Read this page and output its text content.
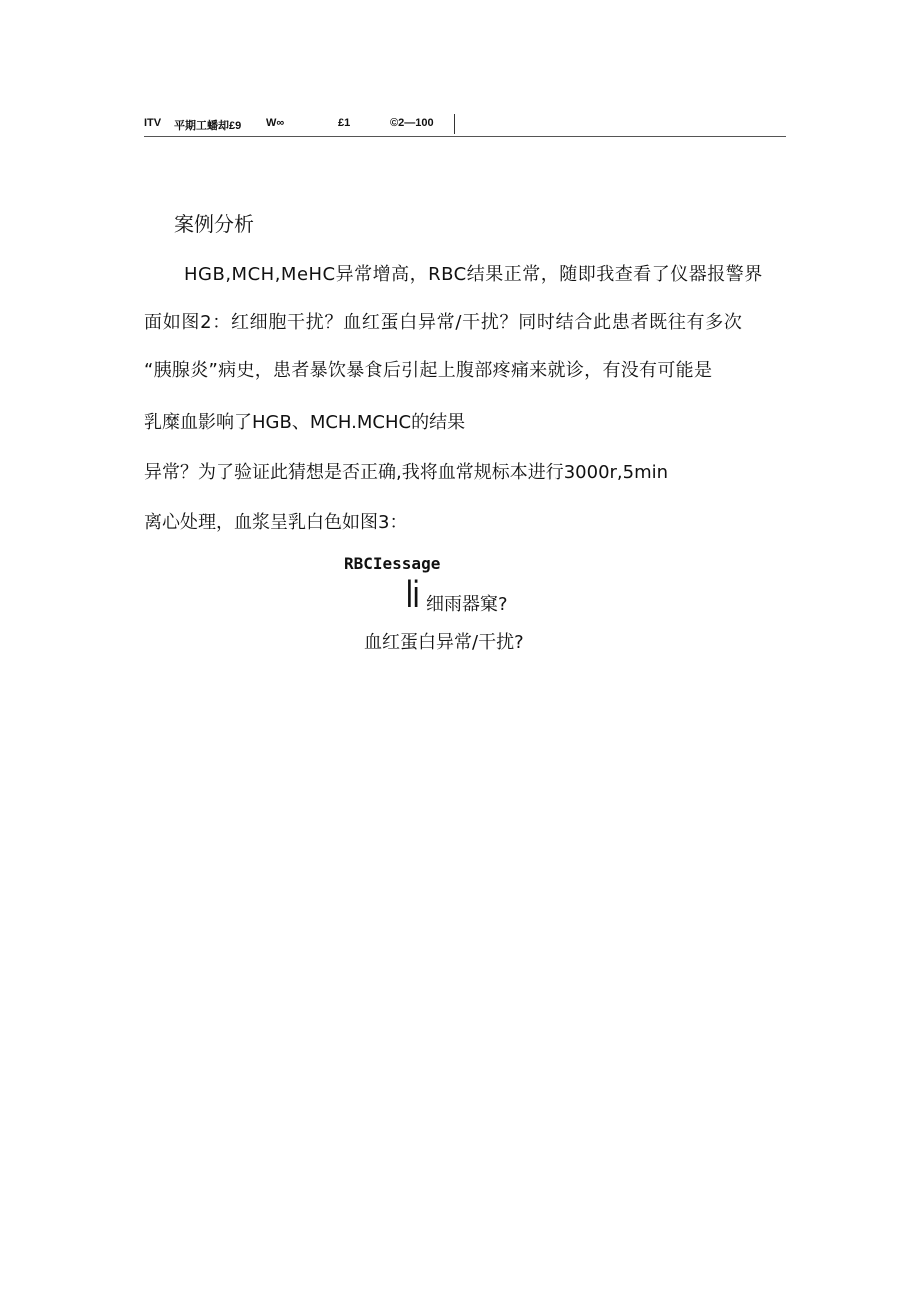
ITV 平期工蟠却£9 W∞	£1	©2—100
案例分析
HGB,MCH,MeHC异常增高，RBC结果正常，随即我查看了仪器报警界
面如图2：红细胞干扰？血红蛋白异常/干扰？同时结合此患者既往有多次
“胰腺炎”病史，患者暴饮暴食后引起上腹部疼痛来就诊，有没有可能是
乳糜血影响了HGB、MCH.MCHC的结果
异常？为了验证此猜想是否正确,我将血常规标本进行3000r,5min
离心处理，血浆呈乳白色如图3：
RBCIessage
li 细雨器窠?
血红蛋白异常/干扰?
